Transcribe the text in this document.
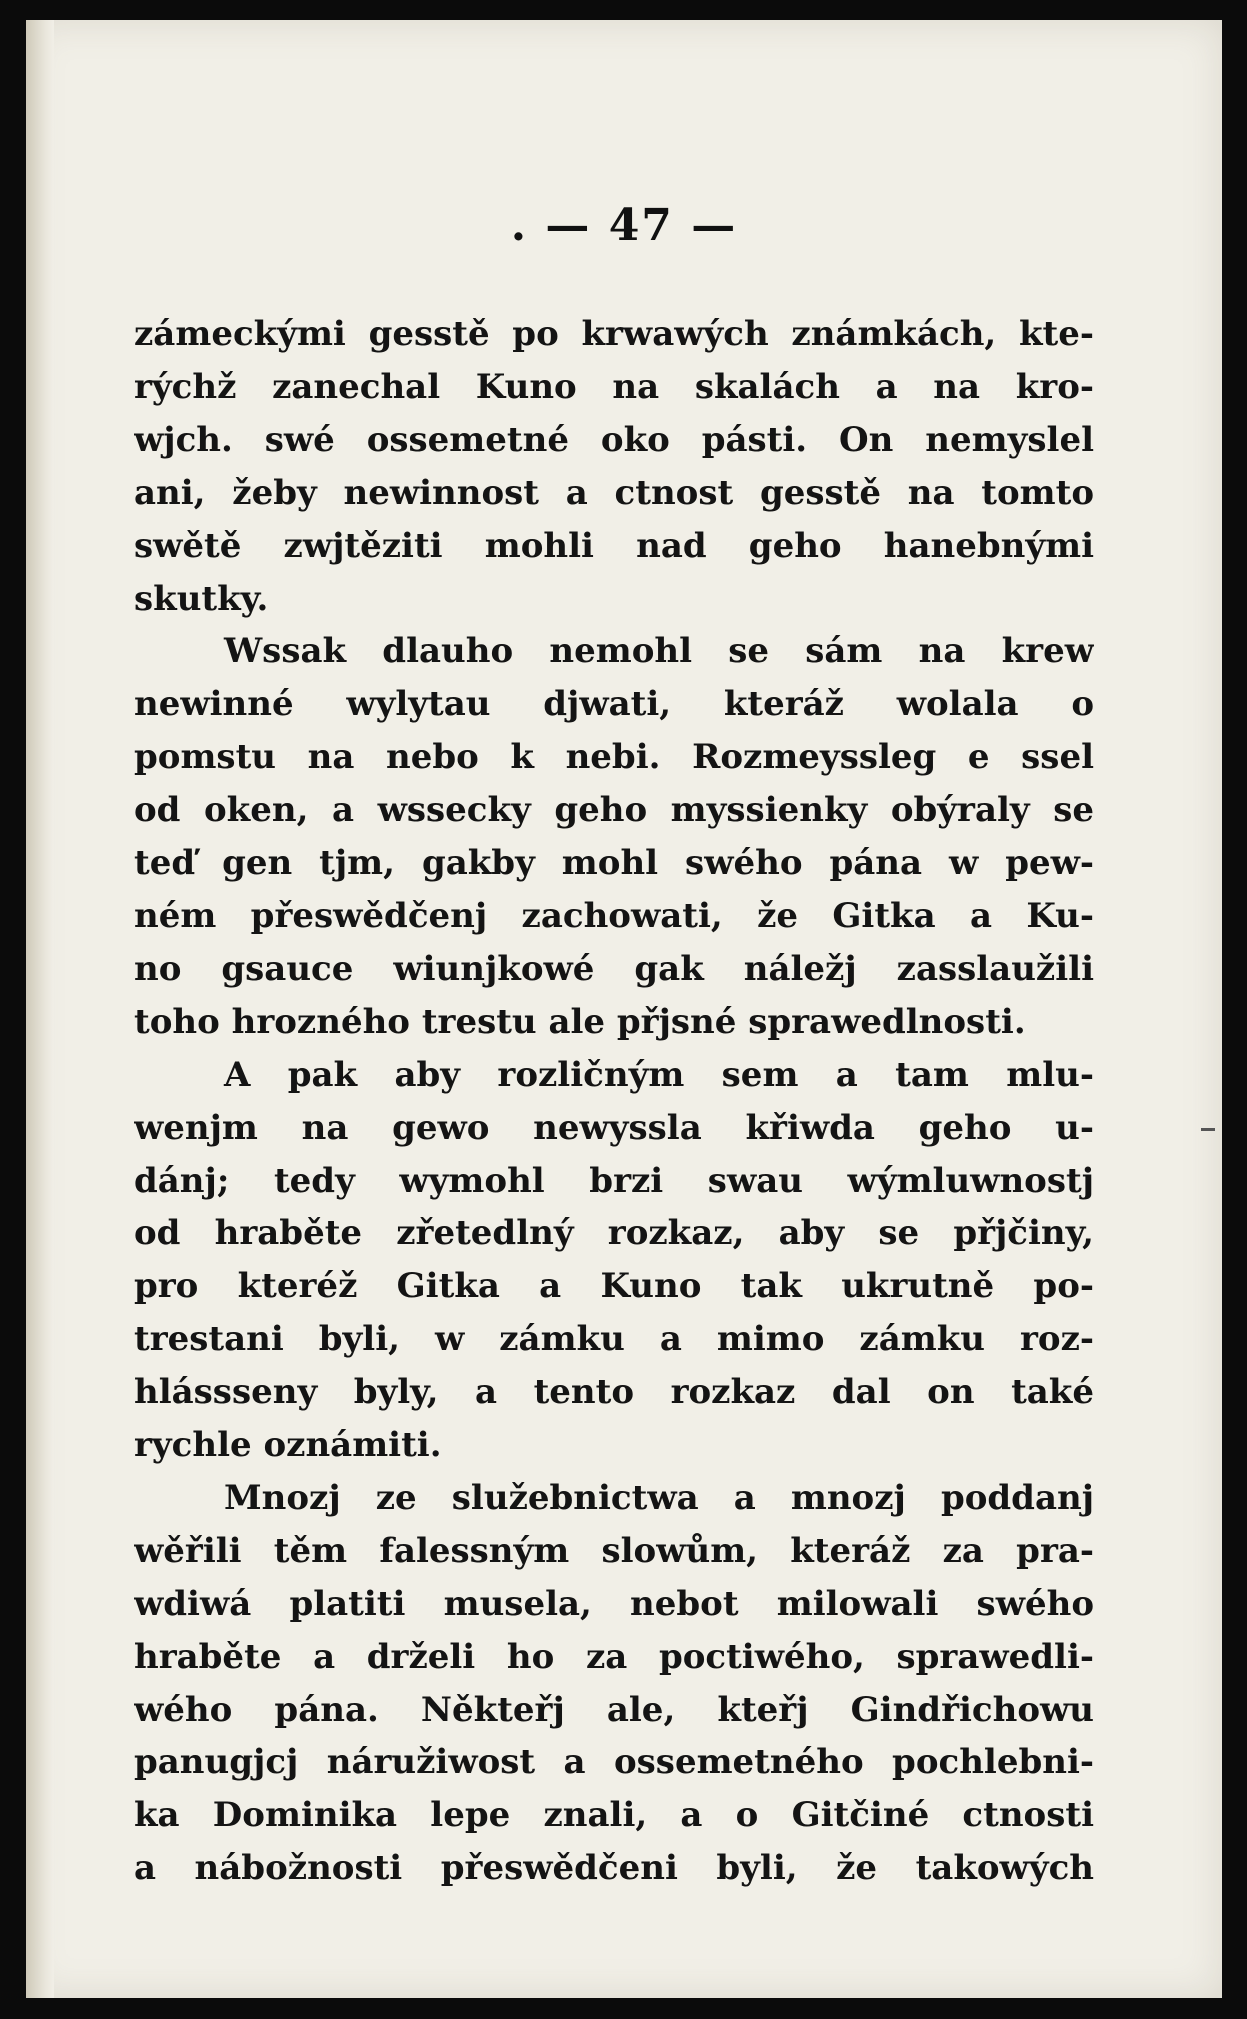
. — 47 —
zámeckými gesstě po krwawých známkách, kte-
rýchž zanechal Kuno na skalách a na kro-
wjch. swé ossemetné oko pásti. On nemyslel
ani, žeby newinnost a ctnost gesstě na tomto
swětě zwjtěziti mohli nad geho hanebnými
skutky.
Wssak dlauho nemohl se sám na krew
newinné wylytau djwati, kteráž wolala o
pomstu na nebo k nebi. Rozmeyssleg e ssel
od oken, a wssecky geho myssienky obýraly se
teď gen tjm, gakby mohl swého pána w pew-
ném přeswědčenj zachowati, že Gitka a Ku-
no gsauce wiunjkowé gak náležj zasslaužili
toho hrozného trestu ale přjsné sprawedlnosti.
A pak aby rozličným sem a tam mlu-
wenjm na gewo newyssla křiwda geho u-
dánj; tedy wymohl brzi swau wýmluwnostj
od hraběte zřetedlný rozkaz, aby se přjčiny,
pro kteréž Gitka a Kuno tak ukrutně po-
trestani byli, w zámku a mimo zámku roz-
hlássseny byly, a tento rozkaz dal on také
rychle oznámiti.
Mnozj ze služebnictwa a mnozj poddanj
wěřili těm falessným slowům, kteráž za pra-
wdiwá platiti musela, nebot milowali swého
hraběte a drželi ho za poctiwého, sprawedli-
wého pána. Někteřj ale, kteřj Gindřichowu
panugjcj náružiwost a ossemetného pochlebni-
ka Dominika lepe znali, a o Gitčiné ctnosti
a nábožnosti přeswědčeni byli, že takowých
